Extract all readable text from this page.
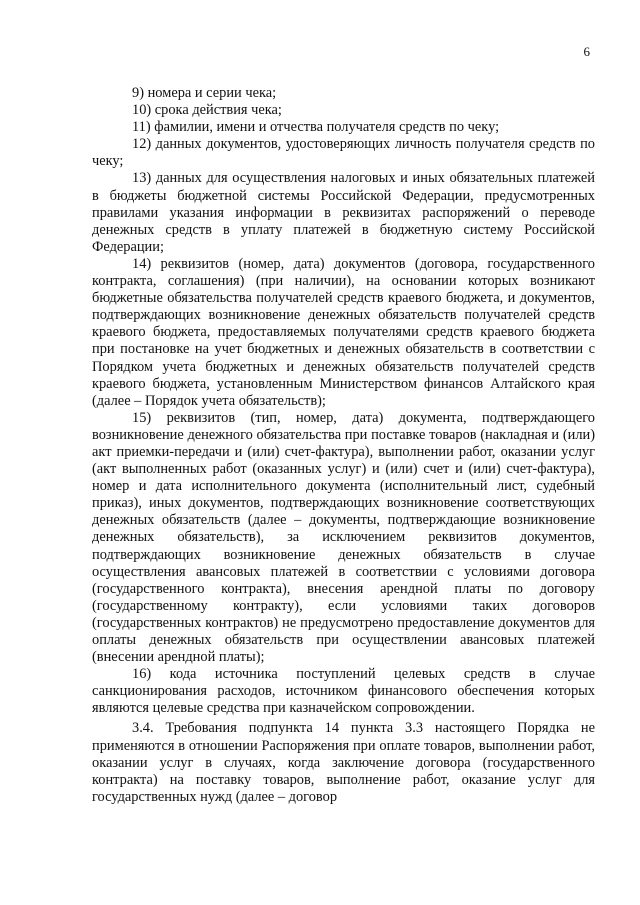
6

9) номера и серии чека;

10) срока действия чека;

11) фамилии, имени и отчества получателя средств по чеку;

12) данных документов, удостоверяющих личность получателя средств по чеку;

13) данных для осуществления налоговых и иных обязательных платежей в бюджеты бюджетной системы Российской Федерации, предусмотренных правилами указания информации в реквизитах распоряжений о переводе денежных средств в уплату платежей в бюджетную систему Российской Федерации;

14) реквизитов (номер, дата) документов (договора, государственного контракта, соглашения) (при наличии), на основании которых возникают бюджетные обязательства получателей средств краевого бюджета, и документов, подтверждающих возникновение денежных обязательств получателей средств краевого бюджета, предоставляемых получателями средств краевого бюджета при постановке на учет бюджетных и денежных обязательств в соответствии с Порядком учета бюджетных и денежных обязательств получателей средств краевого бюджета, установленным Министерством финансов Алтайского края (далее – Порядок учета обязательств);

15) реквизитов (тип, номер, дата) документа, подтверждающего возникновение денежного обязательства при поставке товаров (накладная и (или) акт приемки-передачи и (или) счет-фактура), выполнении работ, оказании услуг (акт выполненных работ (оказанных услуг) и (или) счет и (или) счет-фактура), номер и дата исполнительного документа (исполнительный лист, судебный приказ), иных документов, подтверждающих возникновение соответствующих денежных обязательств (далее – документы, подтверждающие возникновение денежных обязательств), за исключением реквизитов документов, подтверждающих возникновение денежных обязательств в случае осуществления авансовых платежей в соответствии с условиями договора (государственного контракта), внесения арендной платы по договору (государственному контракту), если условиями таких договоров (государственных контрактов) не предусмотрено предоставление документов для оплаты денежных обязательств при осуществлении авансовых платежей (внесении арендной платы);

16) кода источника поступлений целевых средств в случае санкционирования расходов, источником финансового обеспечения которых являются целевые средства при казначейском сопровождении.

3.4. Требования подпункта 14 пункта 3.3 настоящего Порядка не применяются в отношении Распоряжения при оплате товаров, выполнении работ, оказании услуг в случаях, когда заключение договора (государственного контракта) на поставку товаров, выполнение работ, оказание услуг для государственных нужд (далее – договор
